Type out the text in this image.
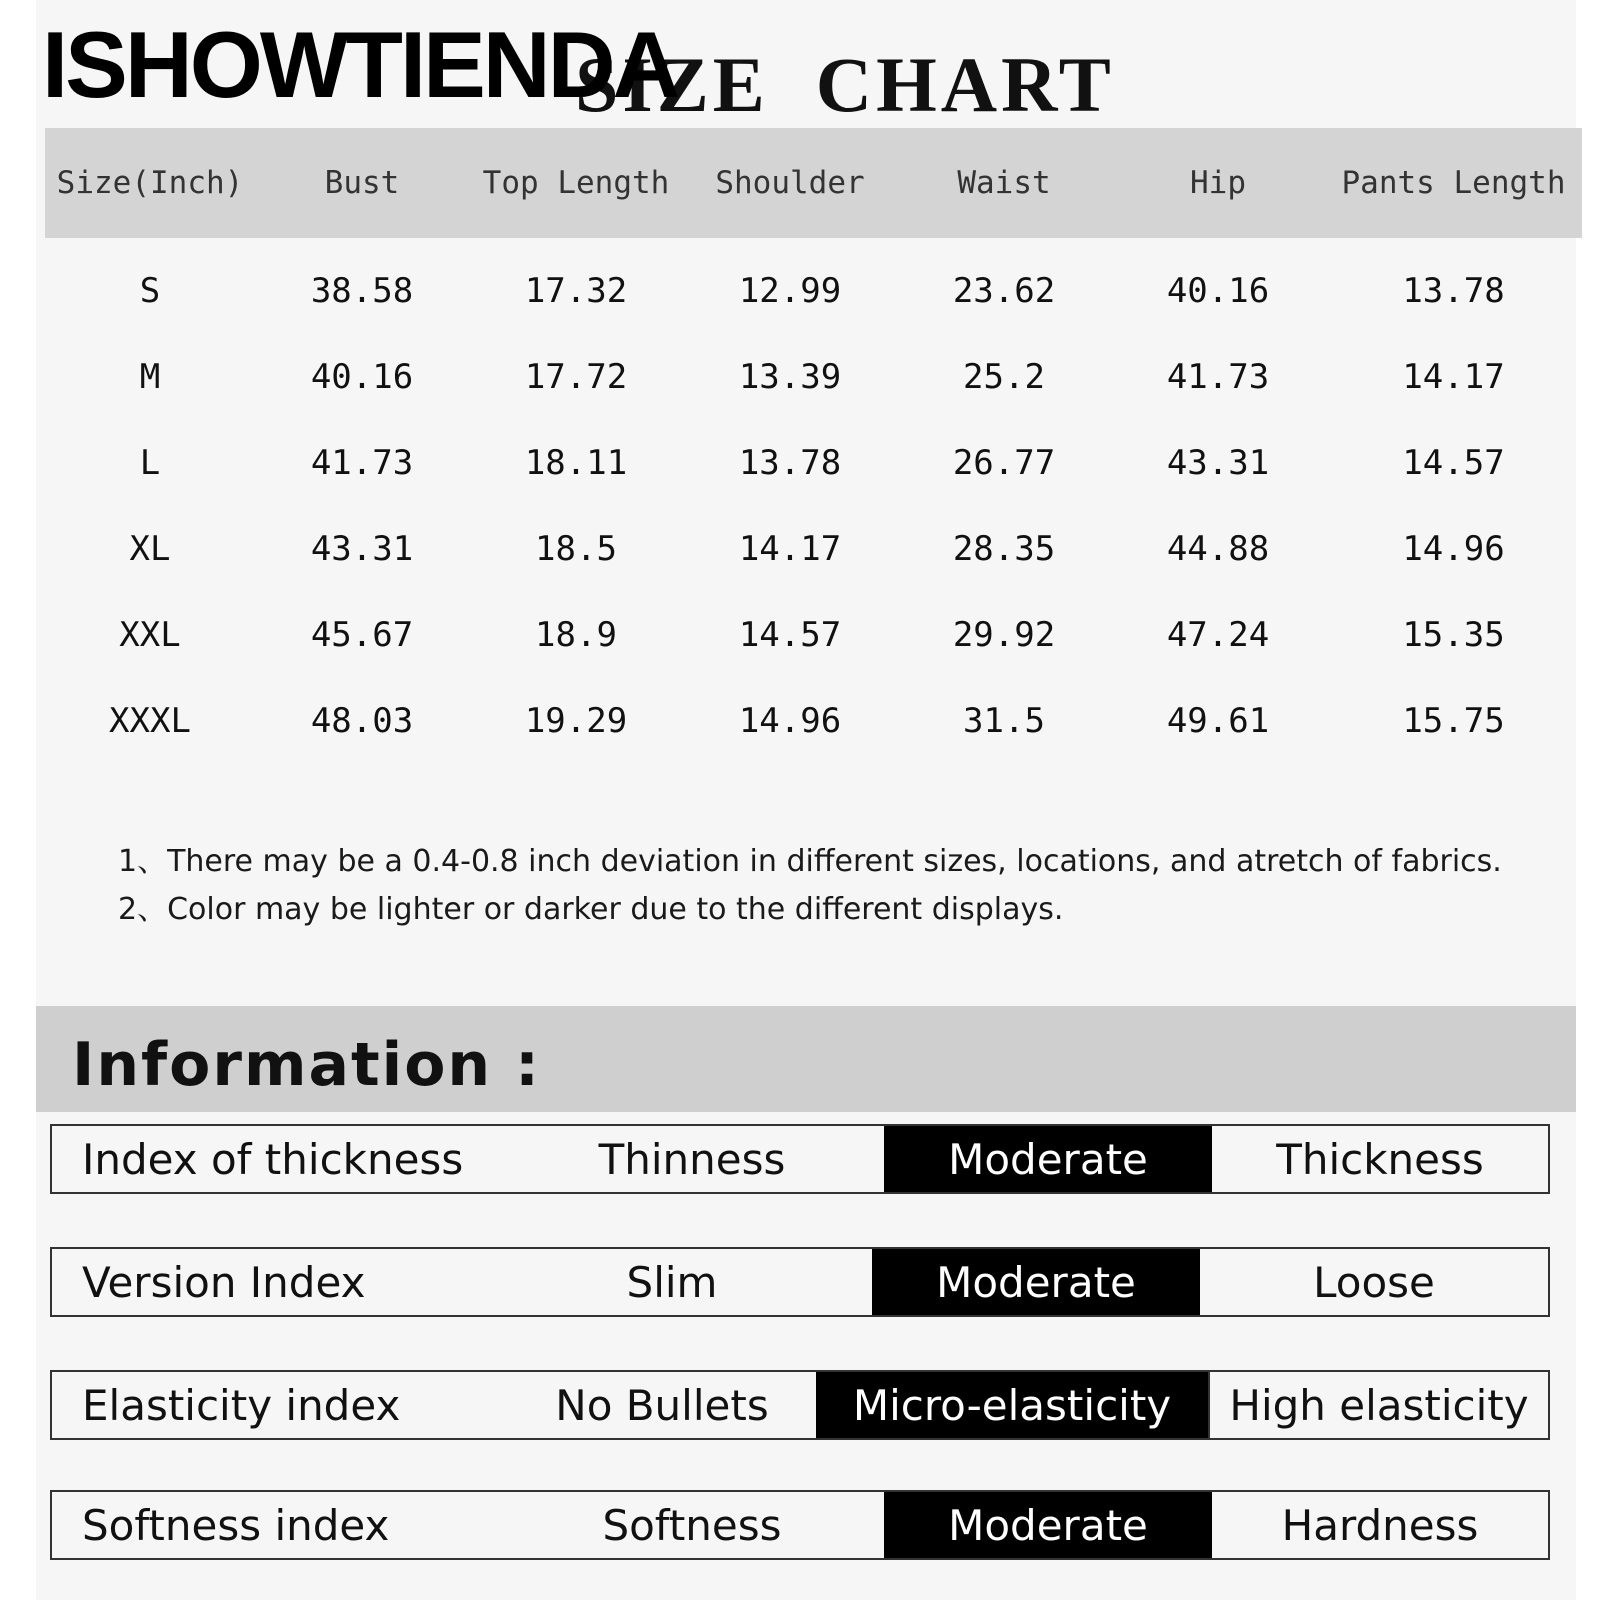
ISHOWTIENDA
SIZE  CHART
Size(Inch)	Bust	Top Length	Shoulder	Waist	Hip	Pants Length
S	38.58	17.32	12.99	23.62	40.16	13.78
M	40.16	17.72	13.39	25.2	41.73	14.17
L	41.73	18.11	13.78	26.77	43.31	14.57
XL	43.31	18.5	14.17	28.35	44.88	14.96
XXL	45.67	18.9	14.57	29.92	47.24	15.35
XXXL	48.03	19.29	14.96	31.5	49.61	15.75
1、There may be a 0.4-0.8 inch deviation in different sizes, locations, and atretch of fabrics.
2、Color may be lighter or darker due to the different displays.
Information :
Index of thickness	Thinness	Moderate	Thickness
Version Index	Slim	Moderate	Loose
Elasticity index	No Bullets	Micro-elasticity	High elasticity
Softness index	Softness	Moderate	Hardness
